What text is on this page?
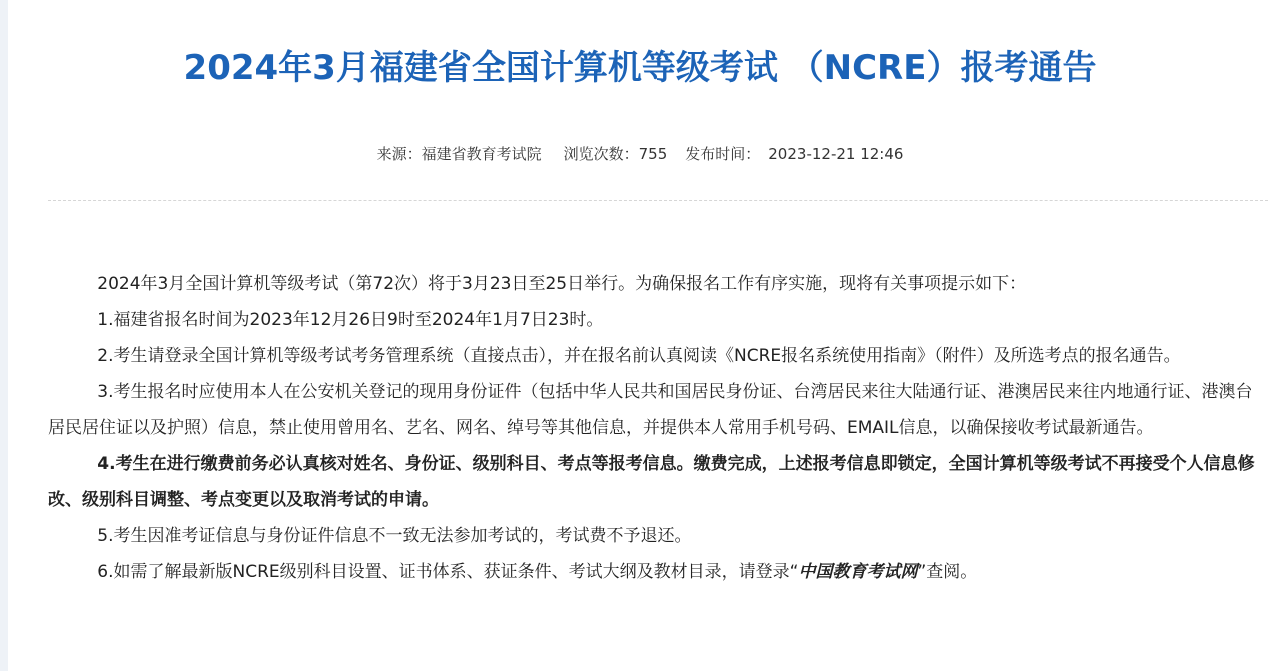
2024年3月福建省全国计算机等级考试 （NCRE）报考通告
来源：福建省教育考试院 浏览次数：755 发布时间： 2023-12-21 12:46

2024年3月全国计算机等级考试（第72次）将于3月23日至25日举行。为确保报名工作有序实施，现将有关事项提示如下：

1.福建省报名时间为2023年12月26日9时至2024年1月7日23时。

2.考生请登录全国计算机等级考试考务管理系统（直接点击），并在报名前认真阅读《NCRE报名系统使用指南》（附件）及所选考点的报名通告。

3.考生报名时应使用本人在公安机关登记的现用身份证件（包括中华人民共和国居民身份证、台湾居民来往大陆通行证、港澳居民来往内地通行证、港澳台居民居住证以及护照）信息，禁止使用曾用名、艺名、网名、绰号等其他信息，并提供本人常用手机号码、EMAIL信息，以确保接收考试最新通告。

4.考生在进行缴费前务必认真核对姓名、身份证、级别科目、考点等报考信息。缴费完成，上述报考信息即锁定，全国计算机等级考试不再接受个人信息修改、级别科目调整、考点变更以及取消考试的申请。

5.考生因准考证信息与身份证件信息不一致无法参加考试的，考试费不予退还。

6.如需了解最新版NCRE级别科目设置、证书体系、获证条件、考试大纲及教材目录，请登录“中国教育考试网”查阅。
